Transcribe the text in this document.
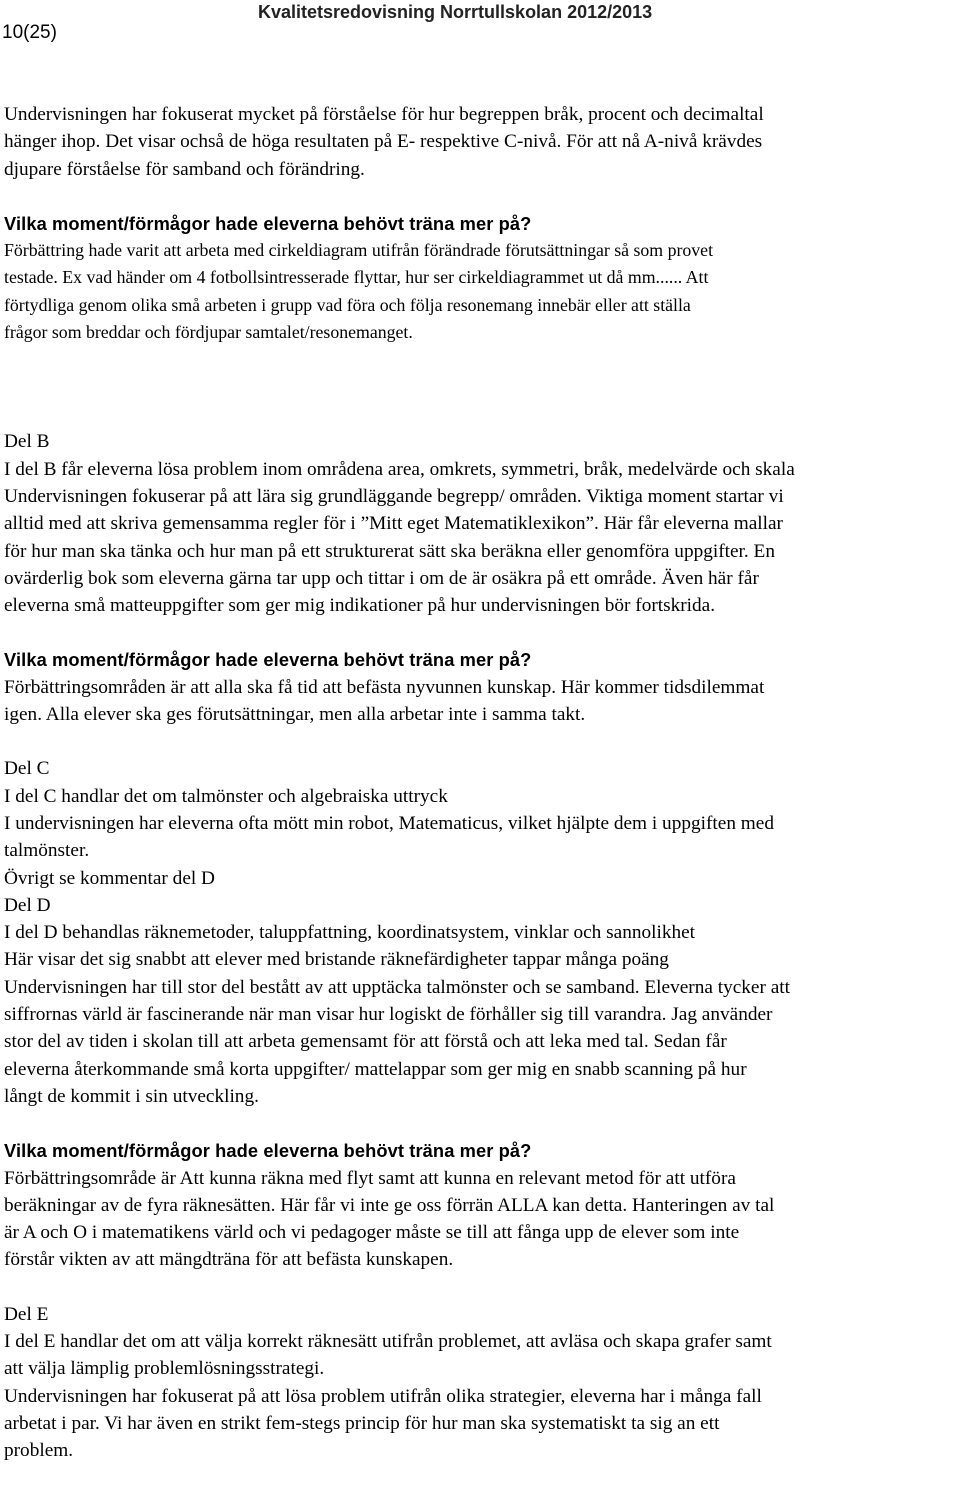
10(25)
Kvalitetsredovisning Norrtullskolan 2012/2013

Undervisningen har fokuserat mycket på förståelse för hur begreppen bråk, procent och decimaltal

hänger ihop. Det visar ochså de höga resultaten på E- respektive C-nivå. För att nå A-nivå krävdes

djupare förståelse för samband och förändring.

Vilka moment/förmågor hade eleverna behövt träna mer på?

Förbättring hade varit att arbeta med cirkeldiagram utifrån förändrade förutsättningar så som provet

testade. Ex vad händer om 4 fotbollsintresserade flyttar, hur ser cirkeldiagrammet ut då mm...... Att

förtydliga genom olika små arbeten i grupp vad föra och följa resonemang innebär eller att ställa

frågor som breddar och fördjupar samtalet/resonemanget.

Del B

I del B får eleverna lösa problem inom områdena area, omkrets, symmetri, bråk, medelvärde och skala

Undervisningen fokuserar på att lära sig grundläggande begrepp/ områden. Viktiga moment startar vi

alltid med att skriva gemensamma regler för i ”Mitt eget Matematiklexikon”. Här får eleverna mallar

för hur man ska tänka och hur man på ett strukturerat sätt ska beräkna eller genomföra uppgifter. En

ovärderlig bok som eleverna gärna tar upp och tittar i om de är osäkra på ett område. Även här får

eleverna små matteuppgifter som ger mig indikationer på hur undervisningen bör fortskrida.

Vilka moment/förmågor hade eleverna behövt träna mer på?

Förbättringsområden är att alla ska få tid att befästa nyvunnen kunskap. Här kommer tidsdilemmat

igen. Alla elever ska ges förutsättningar, men alla arbetar inte i samma takt.

Del C

I del C handlar det om talmönster och algebraiska uttryck

I undervisningen har eleverna ofta mött min robot, Matematicus, vilket hjälpte dem i uppgiften med

talmönster.

Övrigt se kommentar del D

Del D

I del D behandlas räknemetoder, taluppfattning, koordinatsystem, vinklar och sannolikhet

Här visar det sig snabbt att elever med bristande räknefärdigheter tappar många poäng

Undervisningen har till stor del bestått av att upptäcka talmönster och se samband. Eleverna tycker att

siffrornas värld är fascinerande när man visar hur logiskt de förhåller sig till varandra. Jag använder

stor del av tiden i skolan till att arbeta gemensamt för att förstå och att leka med tal. Sedan får

eleverna återkommande små korta uppgifter/ mattelappar som ger mig en snabb scanning på hur

långt de kommit i sin utveckling.

Vilka moment/förmågor hade eleverna behövt träna mer på?

Förbättringsområde är Att kunna räkna med flyt samt att kunna en relevant metod för att utföra

beräkningar av de fyra räknesätten. Här får vi inte ge oss förrän ALLA kan detta. Hanteringen av tal

är A och O i matematikens värld och vi pedagoger måste se till att fånga upp de elever som inte

förstår vikten av att mängdträna för att befästa kunskapen.

Del E

I del E handlar det om att välja korrekt räknesätt utifrån problemet, att avläsa och skapa grafer samt

att välja lämplig problemlösningsstrategi.

Undervisningen har fokuserat på att lösa problem utifrån olika strategier, eleverna har i många fall

arbetat i par. Vi har även en strikt fem-stegs princip för hur man ska systematiskt ta sig an ett

problem.
